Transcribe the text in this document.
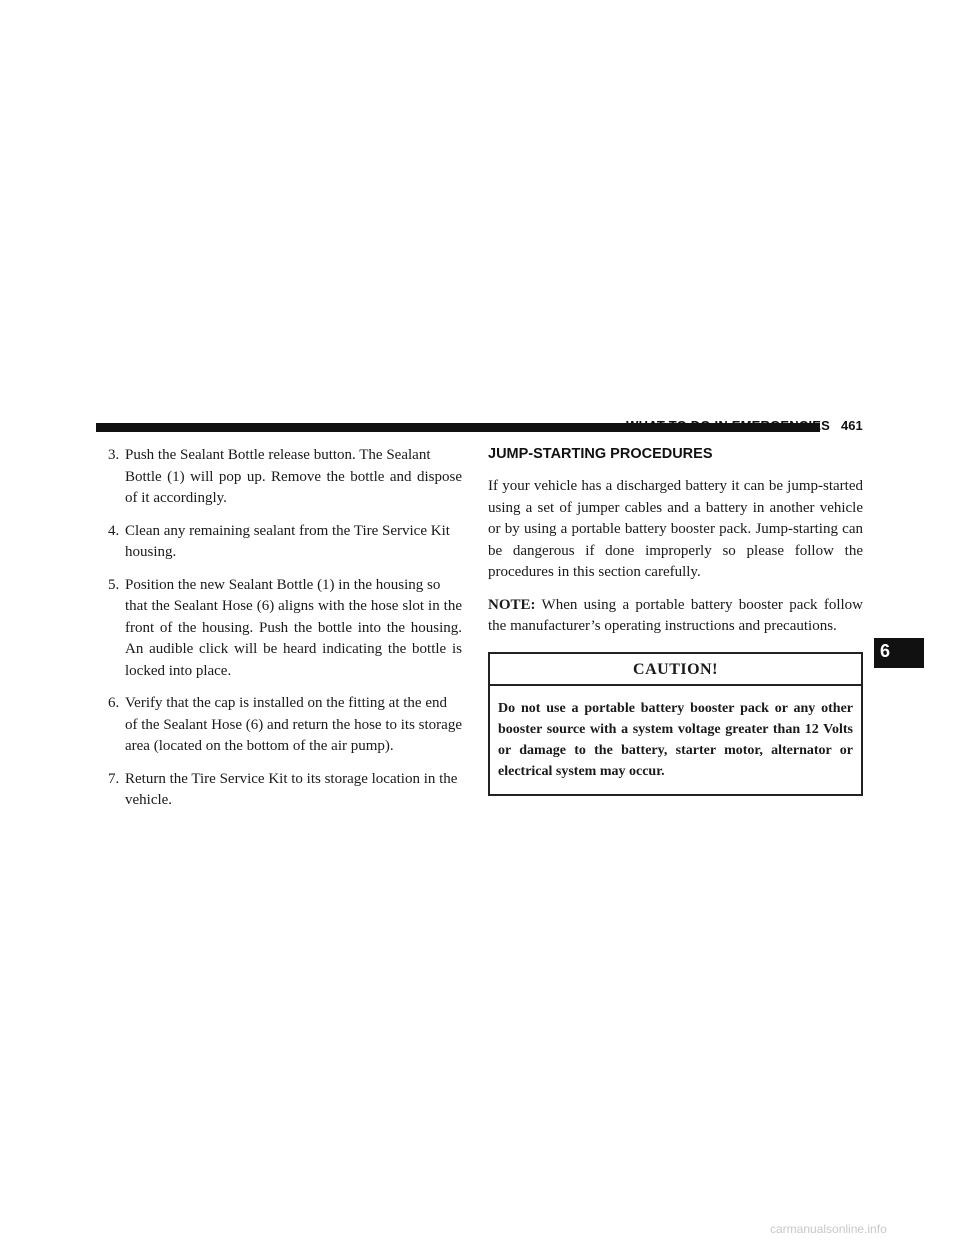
WHAT TO DO IN EMERGENCIES 461
3. Push the Sealant Bottle release button. The Sealant
Bottle (1) will pop up. Remove the bottle and dispose of it accordingly.
4. Clean any remaining sealant from the Tire Service Kit
housing.
5. Position the new Sealant Bottle (1) in the housing so
that the Sealant Hose (6) aligns with the hose slot in the front of the housing. Push the bottle into the housing. An audible click will be heard indicating the bottle is locked into place.
6. Verify that the cap is installed on the fitting at the end
of the Sealant Hose (6) and return the hose to its storage area (located on the bottom of the air pump).
7. Return the Tire Service Kit to its storage location in the
vehicle.
JUMP-STARTING PROCEDURES

If your vehicle has a discharged battery it can be jump-started using a set of jumper cables and a battery in another vehicle or by using a portable battery booster pack. Jump-starting can be dangerous if done improperly so please follow the procedures in this section carefully.

NOTE: When using a portable battery booster pack follow the manufacturer’s operating instructions and precautions.

CAUTION!
Do not use a portable battery booster pack or any other booster source with a system voltage greater than 12 Volts or damage to the battery, starter motor, alternator or electrical system may occur.
6
carmanualsonline.info
